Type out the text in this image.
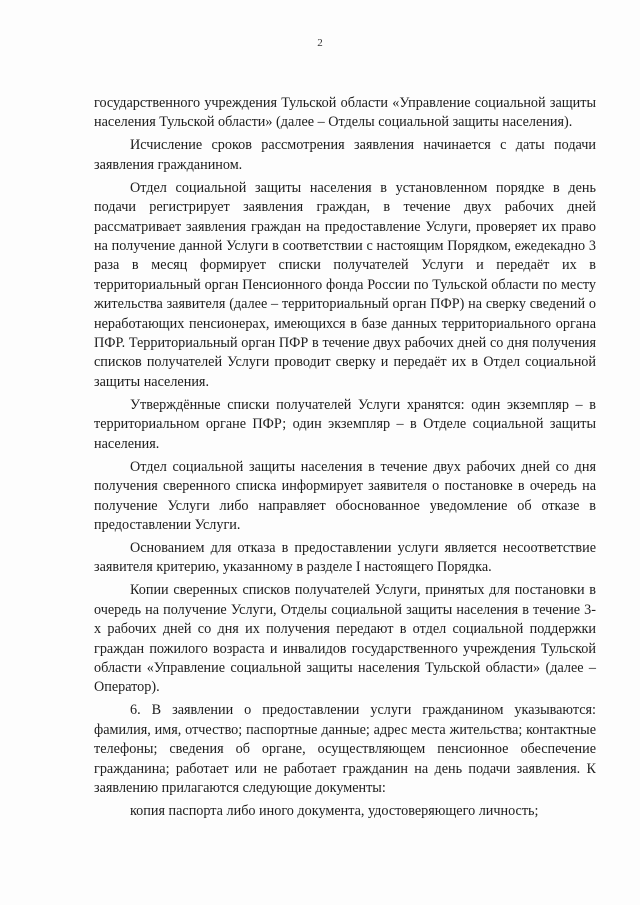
2

государственного учреждения Тульской области «Управление социальной защиты населения Тульской области» (далее – Отделы социальной защиты населения).

Исчисление сроков рассмотрения заявления начинается с даты подачи заявления гражданином.

Отдел социальной защиты населения в установленном порядке в день подачи регистрирует заявления граждан, в течение двух рабочих дней рассматривает заявления граждан на предоставление Услуги, проверяет их право на получение данной Услуги в соответствии с настоящим Порядком, ежедекадно 3 раза в месяц формирует списки получателей Услуги и передаёт их в территориальный орган Пенсионного фонда России по Тульской области по месту жительства заявителя (далее – территориальный орган ПФР) на сверку сведений о неработающих пенсионерах, имеющихся в базе данных территориального органа ПФР. Территориальный орган ПФР в течение двух рабочих дней со дня получения списков получателей Услуги проводит сверку и передаёт их в Отдел социальной защиты населения.

Утверждённые списки получателей Услуги хранятся: один экземпляр – в территориальном органе ПФР; один экземпляр – в Отделе социальной защиты населения.

Отдел социальной защиты населения в течение двух рабочих дней со дня получения сверенного списка информирует заявителя о постановке в очередь на получение Услуги либо направляет обоснованное уведомление об отказе в предоставлении Услуги.

Основанием для отказа в предоставлении услуги является несоответствие заявителя критерию, указанному в разделе I настоящего Порядка.

Копии сверенных списков получателей Услуги, принятых для постановки в очередь на получение Услуги, Отделы социальной защиты населения в течение 3-х рабочих дней со дня их получения передают в отдел социальной поддержки граждан пожилого возраста и инвалидов государственного учреждения Тульской области «Управление социальной защиты населения Тульской области» (далее – Оператор).

6. В заявлении о предоставлении услуги гражданином указываются: фамилия, имя, отчество; паспортные данные; адрес места жительства; контактные телефоны; сведения об органе, осуществляющем пенсионное обеспечение гражданина; работает или не работает гражданин на день подачи заявления. К заявлению прилагаются следующие документы:

копия паспорта либо иного документа, удостоверяющего личность;
